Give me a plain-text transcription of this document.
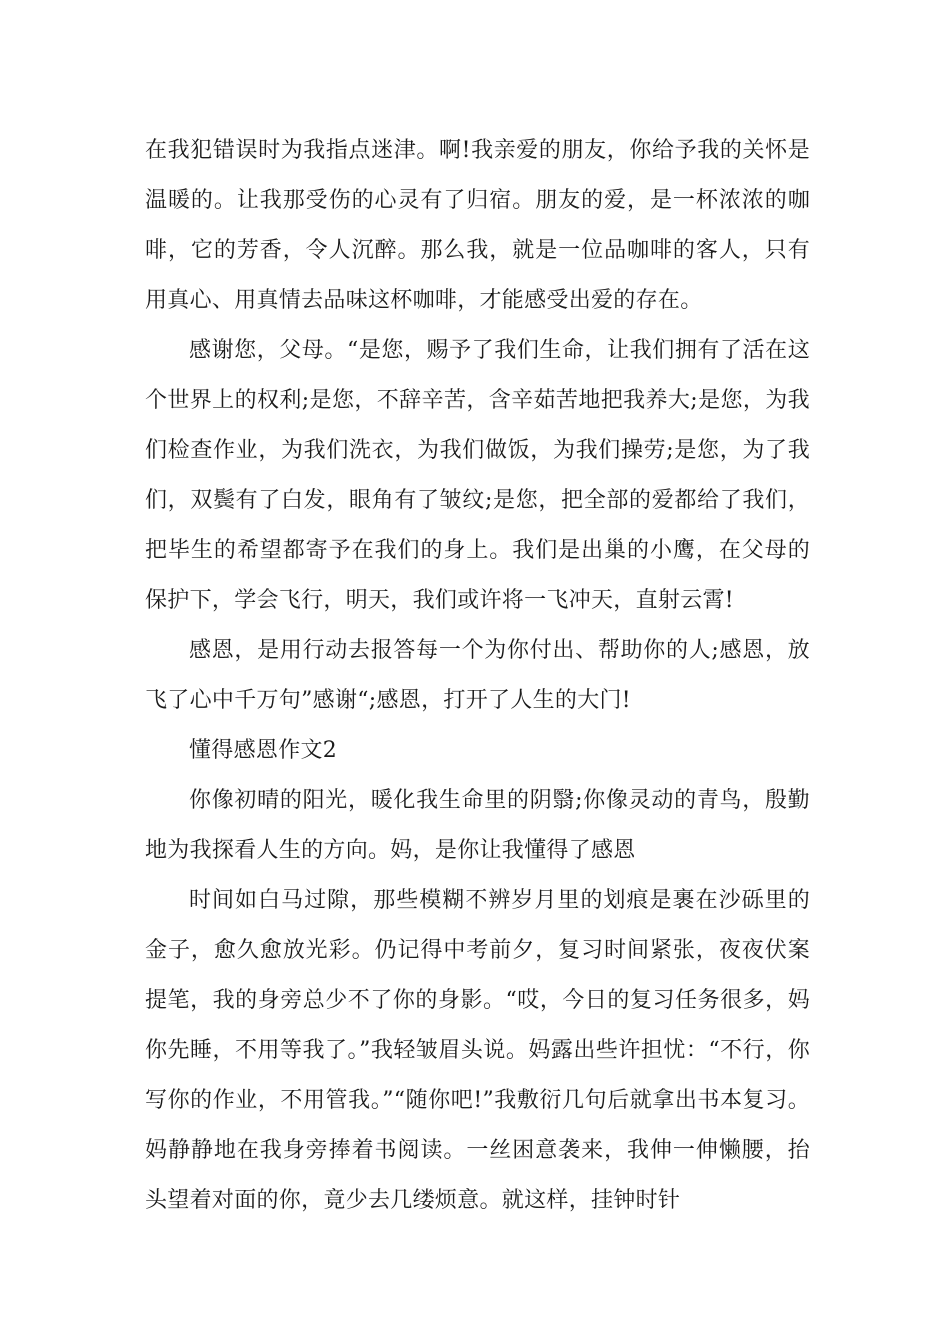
在我犯错误时为我指点迷津。啊!我亲爱的朋友，你给予我的关怀是温暖的。让我那受伤的心灵有了归宿。朋友的爱，是一杯浓浓的咖啡，它的芳香，令人沉醉。那么我，就是一位品咖啡的客人，只有用真心、用真情去品味这杯咖啡，才能感受出爱的存在。

感谢您，父母。“是您，赐予了我们生命，让我们拥有了活在这个世界上的权利;是您，不辞辛苦，含辛茹苦地把我养大;是您，为我们检查作业，为我们洗衣，为我们做饭，为我们操劳;是您，为了我们，双鬓有了白发，眼角有了皱纹;是您，把全部的爱都给了我们，把毕生的希望都寄予在我们的身上。我们是出巢的小鹰，在父母的保护下，学会飞行，明天，我们或许将一飞冲天，直射云霄!

感恩，是用行动去报答每一个为你付出、帮助你的人;感恩，放飞了心中千万句”感谢“;感恩，打开了人生的大门!

懂得感恩作文2

你像初晴的阳光，暖化我生命里的阴翳;你像灵动的青鸟，殷勤地为我探看人生的方向。妈，是你让我懂得了感恩

时间如白马过隙，那些模糊不辨岁月里的划痕是裹在沙砾里的金子，愈久愈放光彩。仍记得中考前夕，复习时间紧张，夜夜伏案提笔，我的身旁总少不了你的身影。“哎，今日的复习任务很多，妈你先睡，不用等我了。”我轻皱眉头说。妈露出些许担忧：“不行，你写你的作业，不用管我。”“随你吧!”我敷衍几句后就拿出书本复习。妈静静地在我身旁捧着书阅读。一丝困意袭来，我伸一伸懒腰，抬头望着对面的你，竟少去几缕烦意。就这样，挂钟时针
